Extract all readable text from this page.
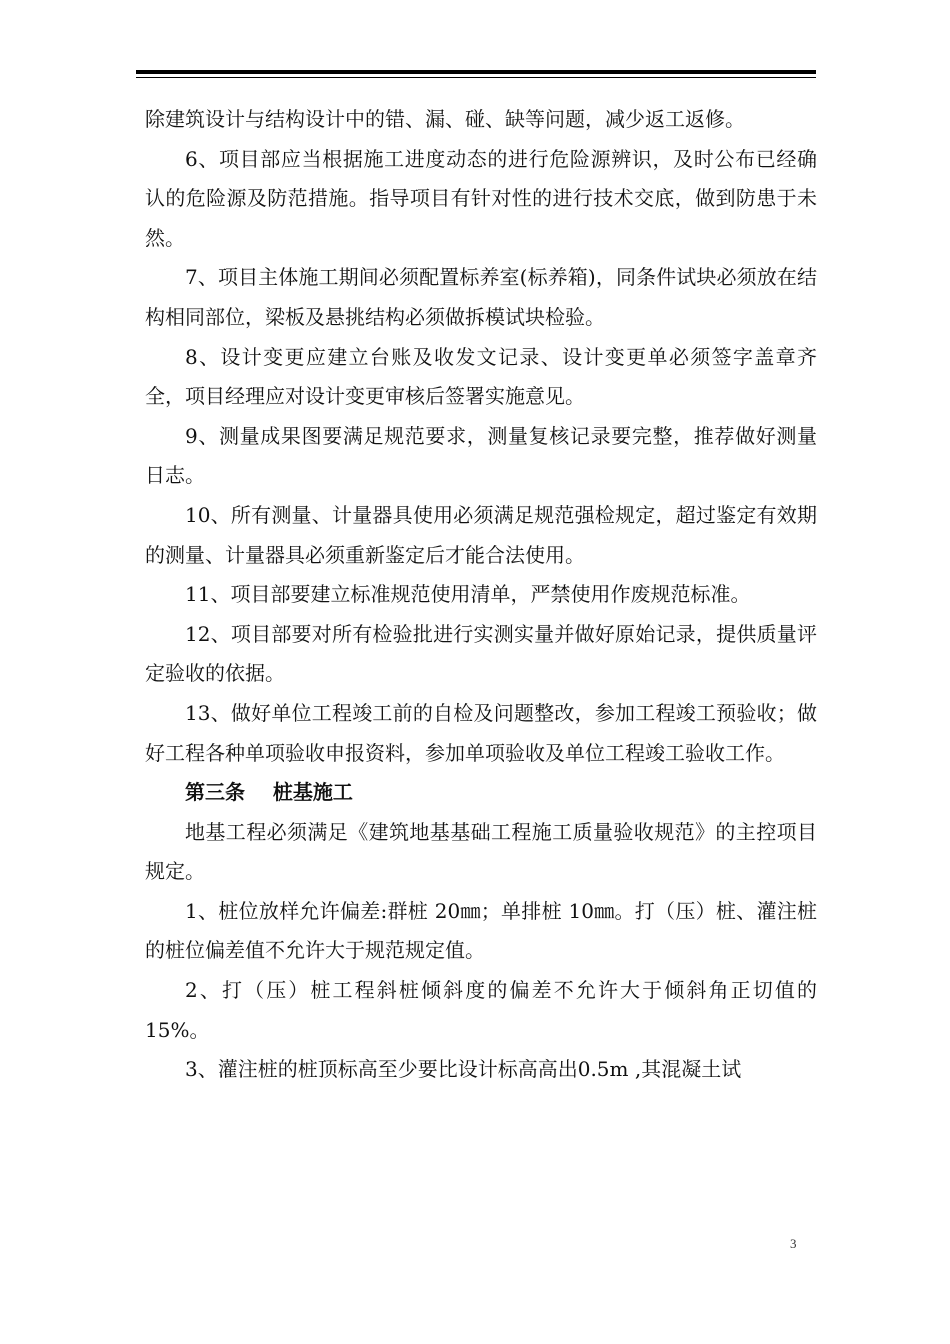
除建筑设计与结构设计中的错、漏、碰、缺等问题，减少返工返修。

6、项目部应当根据施工进度动态的进行危险源辨识，及时公布已经确认的危险源及防范措施。指导项目有针对性的进行技术交底，做到防患于未然。

7、项目主体施工期间必须配置标养室(标养箱)，同条件试块必须放在结构相同部位，梁板及悬挑结构必须做拆模试块检验。

8、设计变更应建立台账及收发文记录、设计变更单必须签字盖章齐全，项目经理应对设计变更审核后签署实施意见。

9、测量成果图要满足规范要求，测量复核记录要完整，推荐做好测量日志。

10、所有测量、计量器具使用必须满足规范强检规定，超过鉴定有效期的测量、计量器具必须重新鉴定后才能合法使用。

11、项目部要建立标准规范使用清单，严禁使用作废规范标准。

12、项目部要对所有检验批进行实测实量并做好原始记录，提供质量评定验收的依据。

13、做好单位工程竣工前的自检及问题整改，参加工程竣工预验收；做好工程各种单项验收申报资料，参加单项验收及单位工程竣工验收工作。

第三条    桩基施工

地基工程必须满足《建筑地基基础工程施工质量验收规范》的主控项目规定。

1、桩位放样允许偏差:群桩 20㎜；单排桩 10㎜。打（压）桩、灌注桩的桩位偏差值不允许大于规范规定值。

2、打（压）桩工程斜桩倾斜度的偏差不允许大于倾斜角正切值的15%。

3、灌注桩的桩顶标高至少要比设计标高高出0.5m ,其混凝土试

3
